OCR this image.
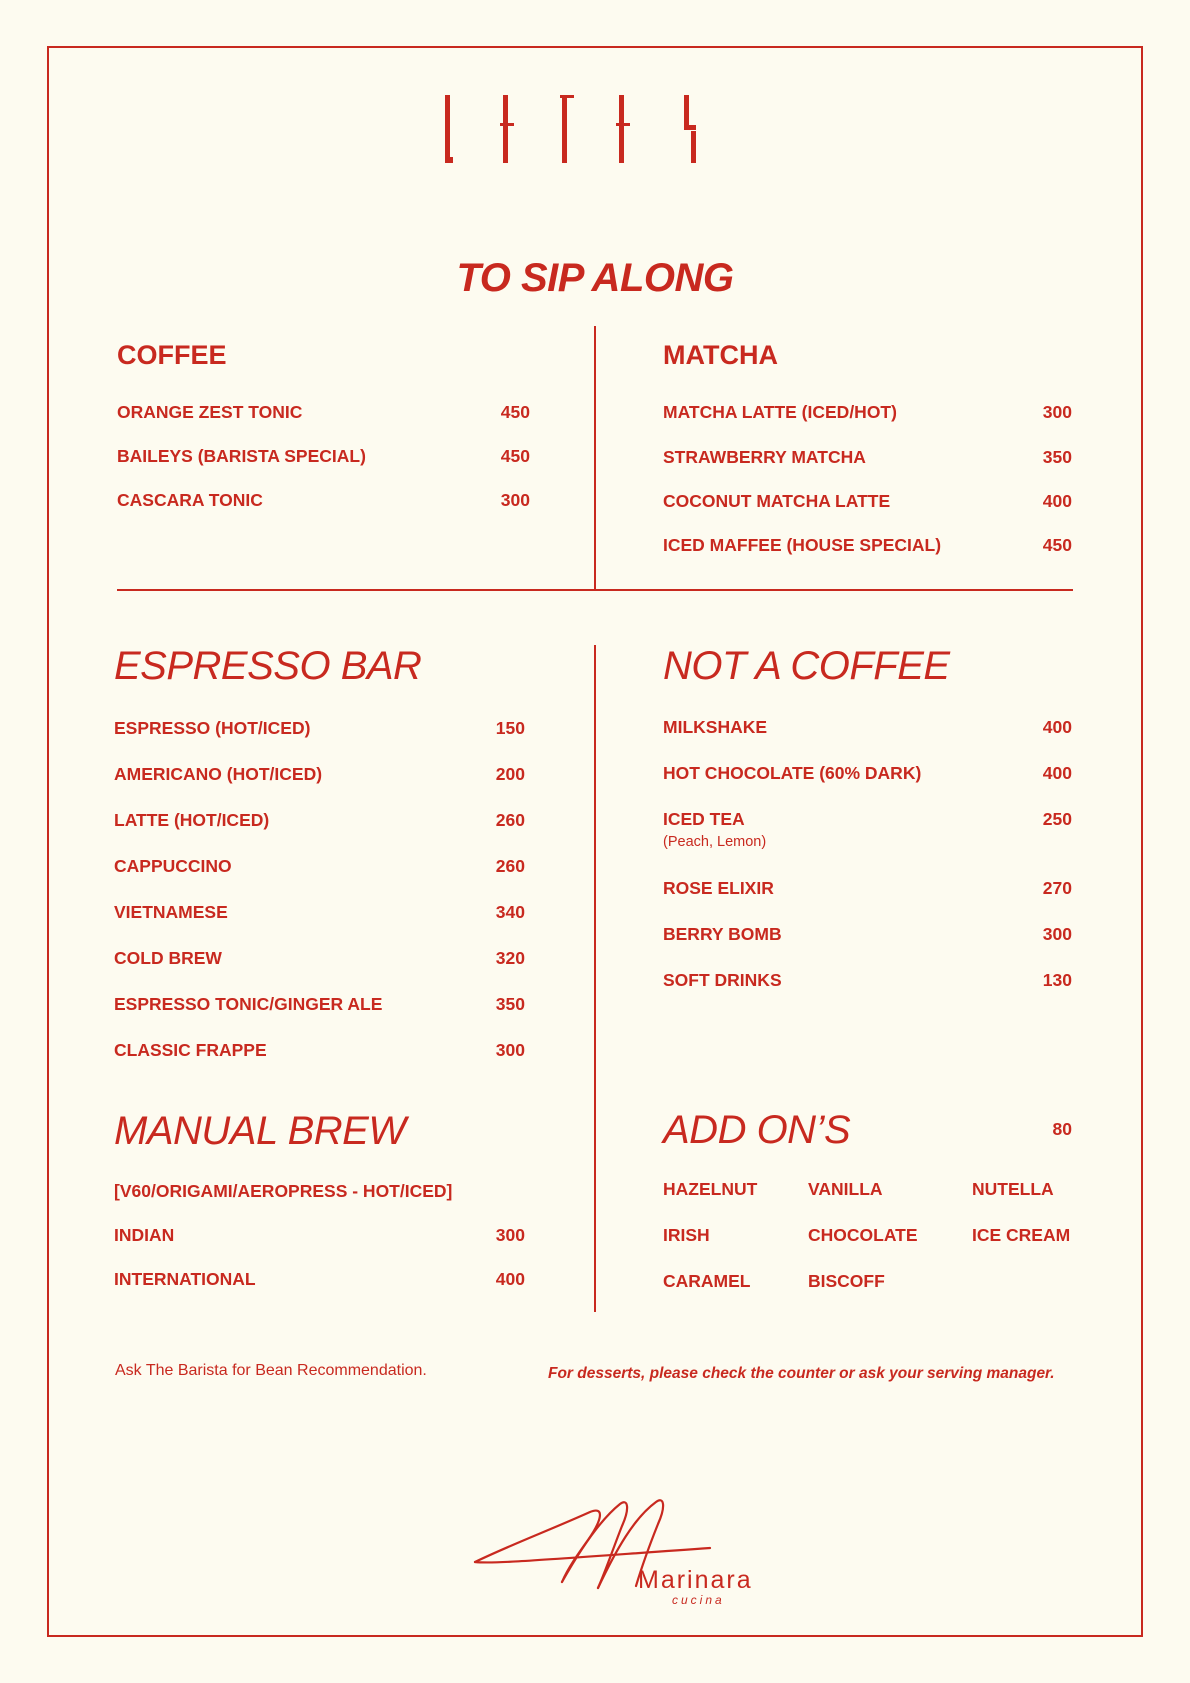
TO SIP ALONG
COFFEE
ORANGE ZEST TONIC	450
BAILEYS (BARISTA SPECIAL)	450
CASCARA TONIC	300
MATCHA
MATCHA LATTE (ICED/HOT)	300
STRAWBERRY MATCHA	350
COCONUT MATCHA LATTE	400
ICED MAFFEE (HOUSE SPECIAL)	450
ESPRESSO BAR
ESPRESSO (HOT/ICED)	150
AMERICANO (HOT/ICED)	200
LATTE (HOT/ICED)	260
CAPPUCCINO	260
VIETNAMESE	340
COLD BREW	320
ESPRESSO TONIC/GINGER ALE	350
CLASSIC FRAPPE	300
NOT A COFFEE
MILKSHAKE	400
HOT CHOCOLATE (60% DARK)	400
ICED TEA	250
(Peach, Lemon)
ROSE ELIXIR	270
BERRY BOMB	300
SOFT DRINKS	130
MANUAL BREW
[V60/ORIGAMI/AEROPRESS - HOT/ICED]
INDIAN	300
INTERNATIONAL	400
ADD ON’S	80
HAZELNUT	VANILLA	NUTELLA
IRISH	CHOCOLATE	ICE CREAM
CARAMEL	BISCOFF
Ask The Barista for Bean Recommendation.	For desserts, please check the counter or ask your serving manager.
Marinara
cucina
